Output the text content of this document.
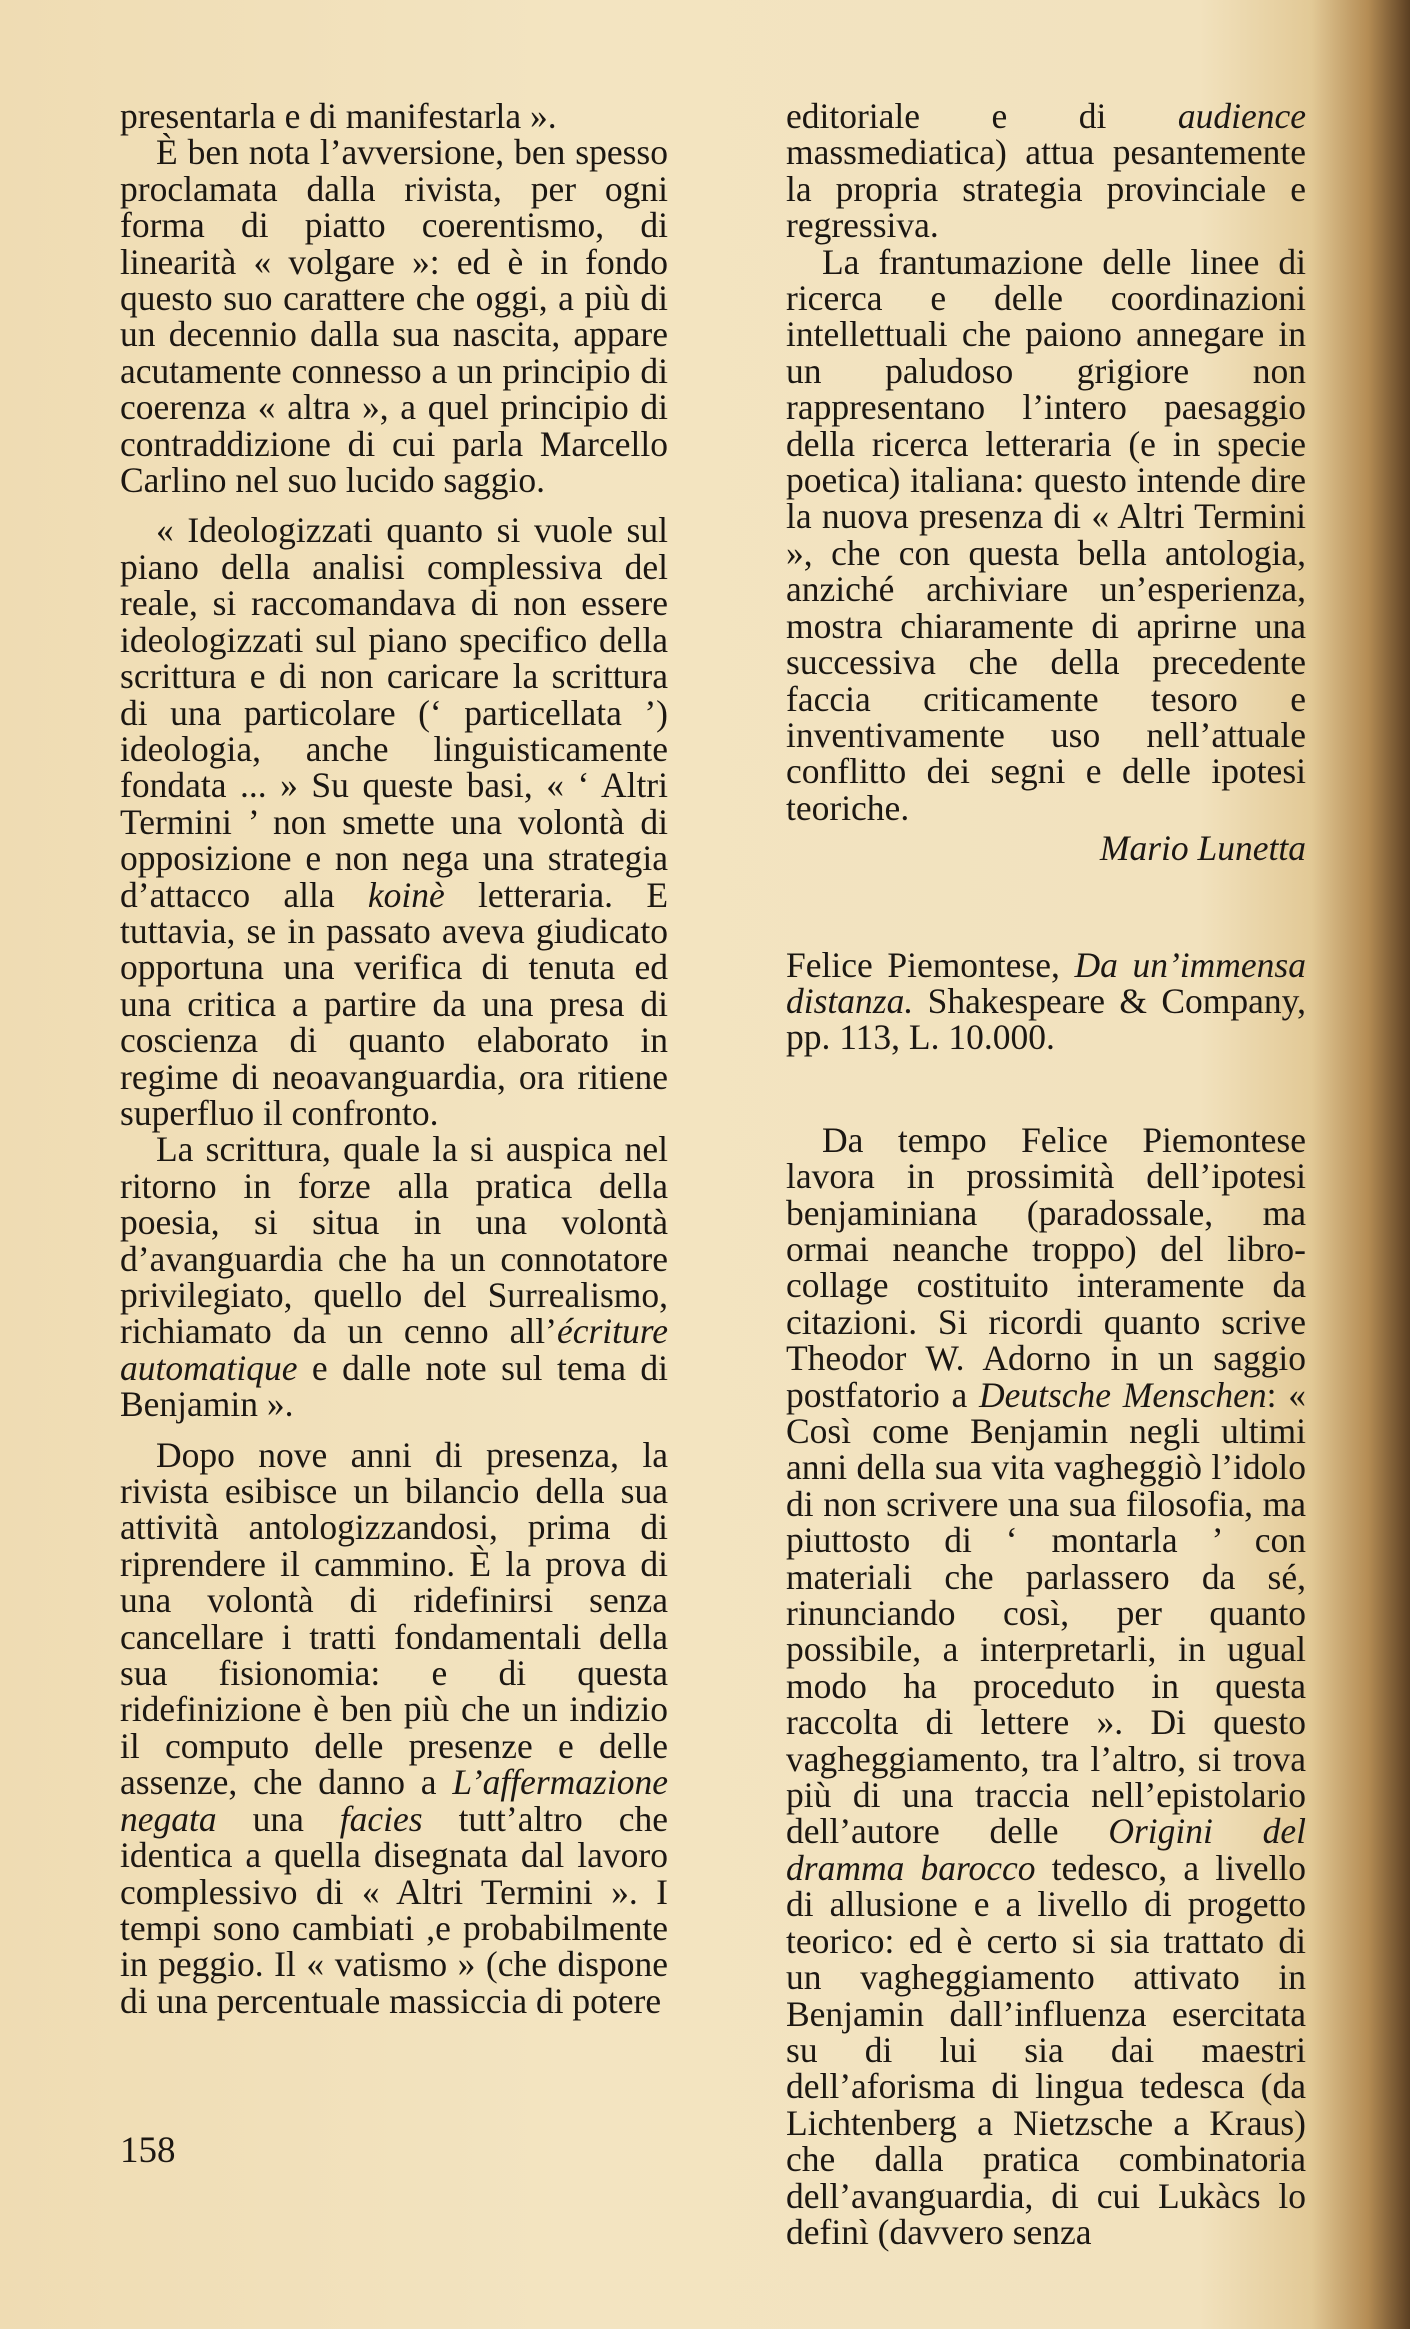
presentarla e di manifestarla ».

È ben nota l’avversione, ben spesso proclamata dalla rivista, per ogni forma di piatto coerentismo, di linearità « volgare »: ed è in fondo questo suo carattere che oggi, a più di un decennio dalla sua nascita, appare acutamente connesso a un principio di coerenza « altra », a quel principio di contraddizione di cui parla Marcello Carlino nel suo lucido saggio.

« Ideologizzati quanto si vuole sul piano della analisi complessiva del reale, si raccomandava di non essere ideologizzati sul piano specifico della scrittura e di non caricare la scrittura di una particolare (‘ particellata ’) ideologia, anche linguisticamente fondata ... » Su queste basi, « ‘ Altri Termini ’ non smette una volontà di opposizione e non nega una strategia d’attacco alla koinè letteraria. E tuttavia, se in passato aveva giudicato opportuna una verifica di tenuta ed una critica a partire da una presa di coscienza di quanto elaborato in regime di neoavanguardia, ora ritiene superfluo il confronto.

La scrittura, quale la si auspica nel ritorno in forze alla pratica della poesia, si situa in una volontà d’avanguardia che ha un connotatore privilegiato, quello del Surrealismo, richiamato da un cenno all’écriture automatique e dalle note sul tema di Benjamin ».

Dopo nove anni di presenza, la rivista esibisce un bilancio della sua attività antologizzandosi, prima di riprendere il cammino. È la prova di una volontà di ridefinirsi senza cancellare i tratti fondamentali della sua fisionomia: e di questa ridefinizione è ben più che un indizio il computo delle presenze e delle assenze, che danno a L’affermazione negata una facies tutt’altro che identica a quella disegnata dal lavoro complessivo di « Altri Termini ». I tempi sono cambiati ,e probabilmente in peggio. Il « vatismo » (che dispone di una percentuale massiccia di potere

editoriale e di audience massmediatica) attua pesantemente la propria strategia provinciale e regressiva.

La frantumazione delle linee di ricerca e delle coordinazioni intellettuali che paiono annegare in un paludoso grigiore non rappresentano l’intero paesaggio della ricerca letteraria (e in specie poetica) italiana: questo intende dire la nuova presenza di « Altri Termini », che con questa bella antologia, anziché archiviare un’esperienza, mostra chiaramente di aprirne una successiva che della precedente faccia criticamente tesoro e inventivamente uso nell’attuale conflitto dei segni e delle ipotesi teoriche.

Mario Lunetta

Felice Piemontese, Da un’immensa distanza. Shakespeare & Company, pp. 113, L. 10.000.

Da tempo Felice Piemontese lavora in prossimità dell’ipotesi benjaminiana (paradossale, ma ormai neanche troppo) del libro-collage costituito interamente da citazioni. Si ricordi quanto scrive Theodor W. Adorno in un saggio postfatorio a Deutsche Menschen: « Così come Benjamin negli ultimi anni della sua vita vagheggiò l’idolo di non scrivere una sua filosofia, ma piuttosto di ‘ montarla ’ con materiali che parlassero da sé, rinunciando così, per quanto possibile, a interpretarli, in ugual modo ha proceduto in questa raccolta di lettere ». Di questo vagheggiamento, tra l’altro, si trova più di una traccia nell’epistolario dell’autore delle Origini del dramma barocco tedesco, a livello di allusione e a livello di progetto teorico: ed è certo si sia trattato di un vagheggiamento attivato in Benjamin dall’influenza esercitata su di lui sia dai maestri dell’aforisma di lingua tedesca (da Lichtenberg a Nietzsche a Kraus) che dalla pratica combinatoria dell’avanguardia, di cui Lukàcs lo definì (davvero senza

158
